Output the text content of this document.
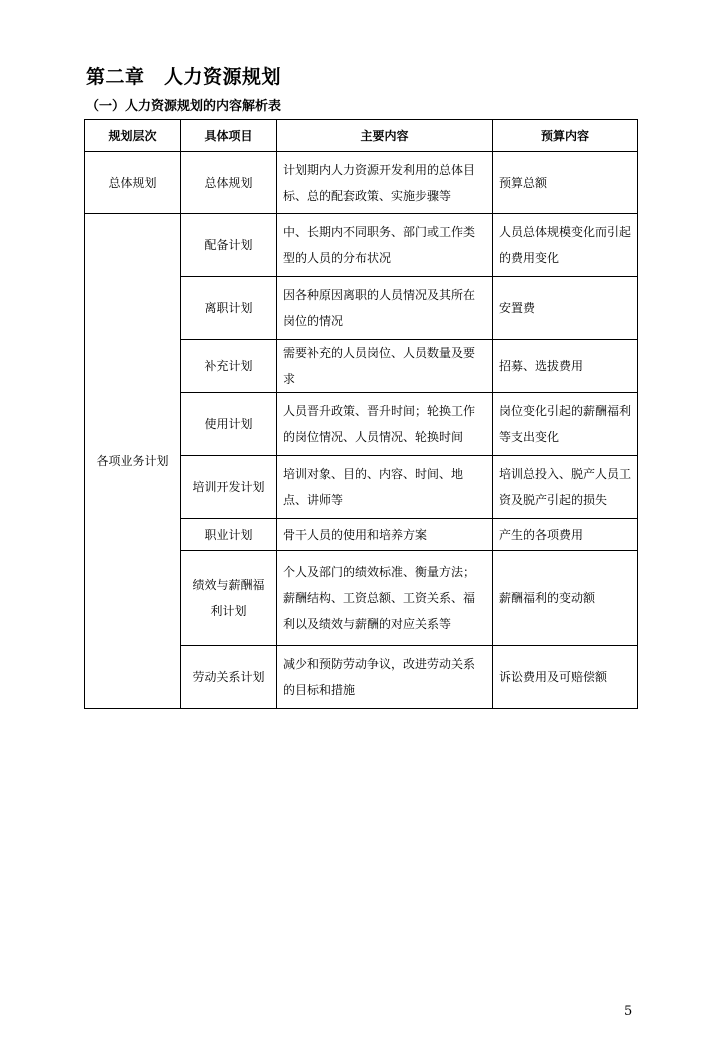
第二章　人力资源规划
（一）人力资源规划的内容解析表
规划层次	具体项目	主要内容	预算内容
总体规划	总体规划	计划期内人力资源开发利用的总体目标、总的配套政策、实施步骤等	预算总额
各项业务计划	配备计划	中、长期内不同职务、部门或工作类型的人员的分布状况	人员总体规模变化而引起的费用变化
	离职计划	因各种原因离职的人员情况及其所在岗位的情况	安置费
	补充计划	需要补充的人员岗位、人员数量及要求	招募、选拔费用
	使用计划	人员晋升政策、晋升时间；轮换工作的岗位情况、人员情况、轮换时间	岗位变化引起的薪酬福利等支出变化
	培训开发计划	培训对象、目的、内容、时间、地点、讲师等	培训总投入、脱产人员工资及脱产引起的损失
	职业计划	骨干人员的使用和培养方案	产生的各项费用
	绩效与薪酬福利计划	个人及部门的绩效标准、衡量方法；薪酬结构、工资总额、工资关系、福利以及绩效与薪酬的对应关系等	薪酬福利的变动额
	劳动关系计划	减少和预防劳动争议，改进劳动关系的目标和措施	诉讼费用及可赔偿额
5
